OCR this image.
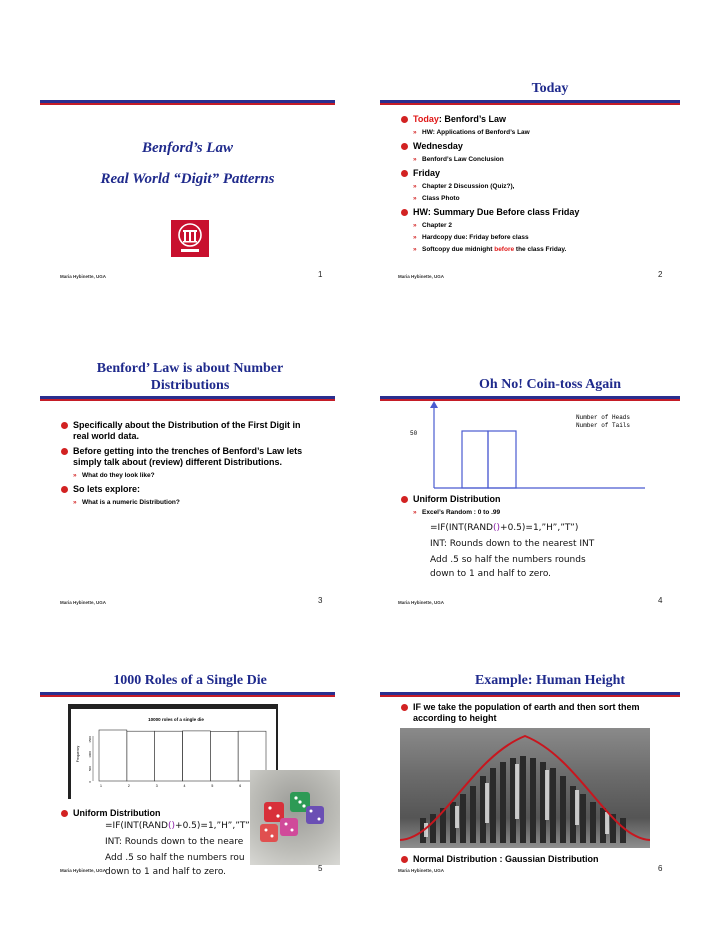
Benford’s Law
Real World “Digit” Patterns
Maria Hybinette, UGA	1
Today
Today: Benford’s Law
» HW: Applications of Benford’s Law
Wednesday
» Benford’s Law Conclusion
Friday
» Chapter 2 Discussion (Quiz?),
» Class Photo
HW: Summary Due Before class Friday
» Chapter 2
» Hardcopy due: Friday before class
» Softcopy due midnight before the class Friday.
Maria Hybinette, UGA	2
Benford’ Law is about Number
Distributions
Specifically about the Distribution of the First Digit in real world data.
Before getting into the trenches of Benford’s Law lets simply talk about (review) different Distributions.
» What do they look like?
So lets explore:
» What is a numeric Distribution?
Maria Hybinette, UGA	3
Oh No! Coin-toss Again
Number of Heads
Number of Tails
50
Uniform Distribution
» Excel’s Random : 0 to .99
=IF(INT(RAND()+0.5)=1,”H”,”T”)
INT: Rounds down to the nearest INT
Add .5 so half the numbers rounds
down to 1 and half to zero.
Maria Hybinette, UGA	4
1000 Roles of a Single Die
10000 roles of a single die
Frequency
0
500
1000
1500
1	2	3	4	5	6
Uniform Distribution
=IF(INT(RAND()+0.5)=1,”H”,”T”
INT: Rounds down to the neare
Add .5 so half the numbers rou
down to 1 and half to zero.
Maria Hybinette, UGA	5
Example: Human Height
IF we take the population of earth and then sort them according to height
Normal Distribution : Gaussian Distribution
Maria Hybinette, UGA	6
